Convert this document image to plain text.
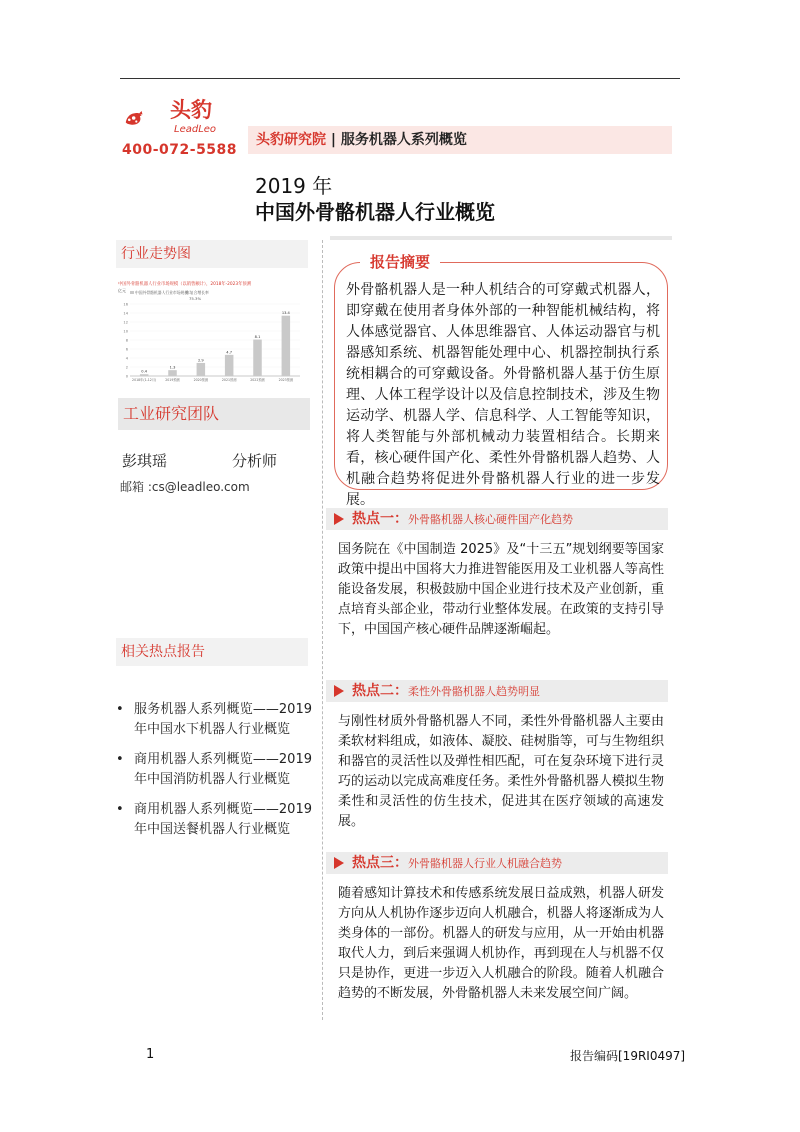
头豹
LeadLeo
400-072-5588
头豹研究院 | 服务机器人系列概览
2019 年
中国外骨骼机器人行业概览
行业走势图
中国外骨骼机器人行业市场规模（以销售额计），2018年-2023年预测
亿元 中国外骨骼机器人行业市场规模
年复合增长率
75.3%
16
14
12
10
8
6
4
2
0
0.4
2018年(1-12月)
1.3
2019预测
2.9
2020预测
4.7
2021预测
8.1
2022预测
13.4
2023预测
工业研究团队
彭琪瑶	分析师
邮箱 :cs@leadleo.com
相关热点报告
• 服务机器人系列概览——2019 年中国水下机器人行业概览
• 商用机器人系列概览——2019 年中国消防机器人行业概览
• 商用机器人系列概览——2019 年中国送餐机器人行业概览
报告摘要
外骨骼机器人是一种人机结合的可穿戴式机器人，即穿戴在使用者身体外部的一种智能机械结构，将人体感觉器官、人体思维器官、人体运动器官与机器感知系统、机器智能处理中心、机器控制执行系统相耦合的可穿戴设备。外骨骼机器人基于仿生原理、人体工程学设计以及信息控制技术，涉及生物运动学、机器人学、信息科学、人工智能等知识，将人类智能与外部机械动力装置相结合。长期来看，核心硬件国产化、柔性外骨骼机器人趋势、人机融合趋势将促进外骨骼机器人行业的进一步发展。
热点一：外骨骼机器人核心硬件国产化趋势
国务院在《中国制造 2025》及“十三五”规划纲要等国家政策中提出中国将大力推进智能医用及工业机器人等高性能设备发展，积极鼓励中国企业进行技术及产业创新，重点培育头部企业，带动行业整体发展。在政策的支持引导下，中国国产核心硬件品牌逐渐崛起。
热点二：柔性外骨骼机器人趋势明显
与刚性材质外骨骼机器人不同，柔性外骨骼机器人主要由柔软材料组成，如液体、凝胶、硅树脂等，可与生物组织和器官的灵活性以及弹性相匹配，可在复杂环境下进行灵巧的运动以完成高难度任务。柔性外骨骼机器人模拟生物柔性和灵活性的仿生技术，促进其在医疗领域的高速发展。
热点三：外骨骼机器人行业人机融合趋势
随着感知计算技术和传感系统发展日益成熟，机器人研发方向从人机协作逐步迈向人机融合，机器人将逐渐成为人类身体的一部份。机器人的研发与应用，从一开始由机器取代人力，到后来强调人机协作，再到现在人与机器不仅只是协作，更进一步迈入人机融合的阶段。随着人机融合趋势的不断发展，外骨骼机器人未来发展空间广阔。
1	报告编码[19RI0497]
